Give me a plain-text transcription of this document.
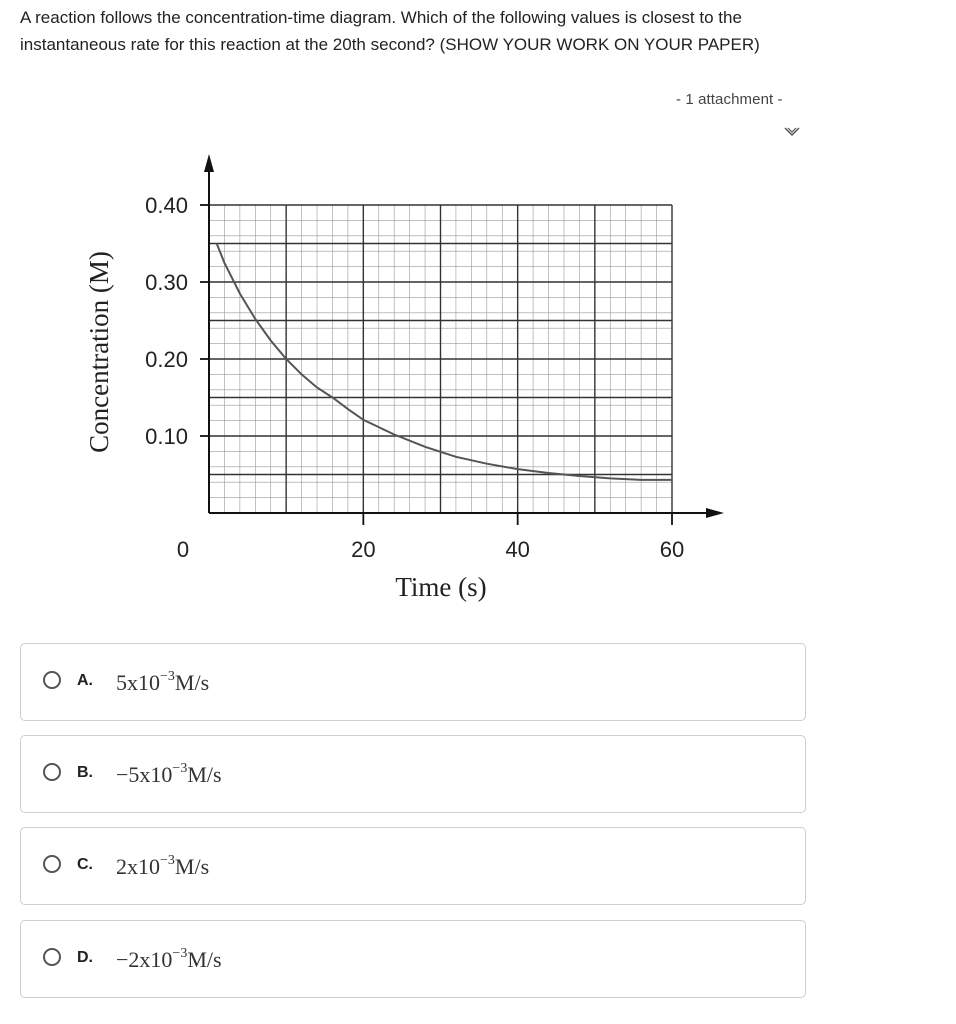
A reaction follows the concentration-time diagram. Which of the following values is closest to the instantaneous rate for this reaction at the 20th second? (SHOW YOUR WORK ON YOUR PAPER)

- 1 attachment -
0.40
0.30
0.20
0.10
0	20	40	60
Concentration (M)
Time (s)
A. $5x10^{-3}M/s$
B. $-5x10^{-3}M/s$
C. $2x10^{-3}M/s$
D. $-2x10^{-3}M/s$
